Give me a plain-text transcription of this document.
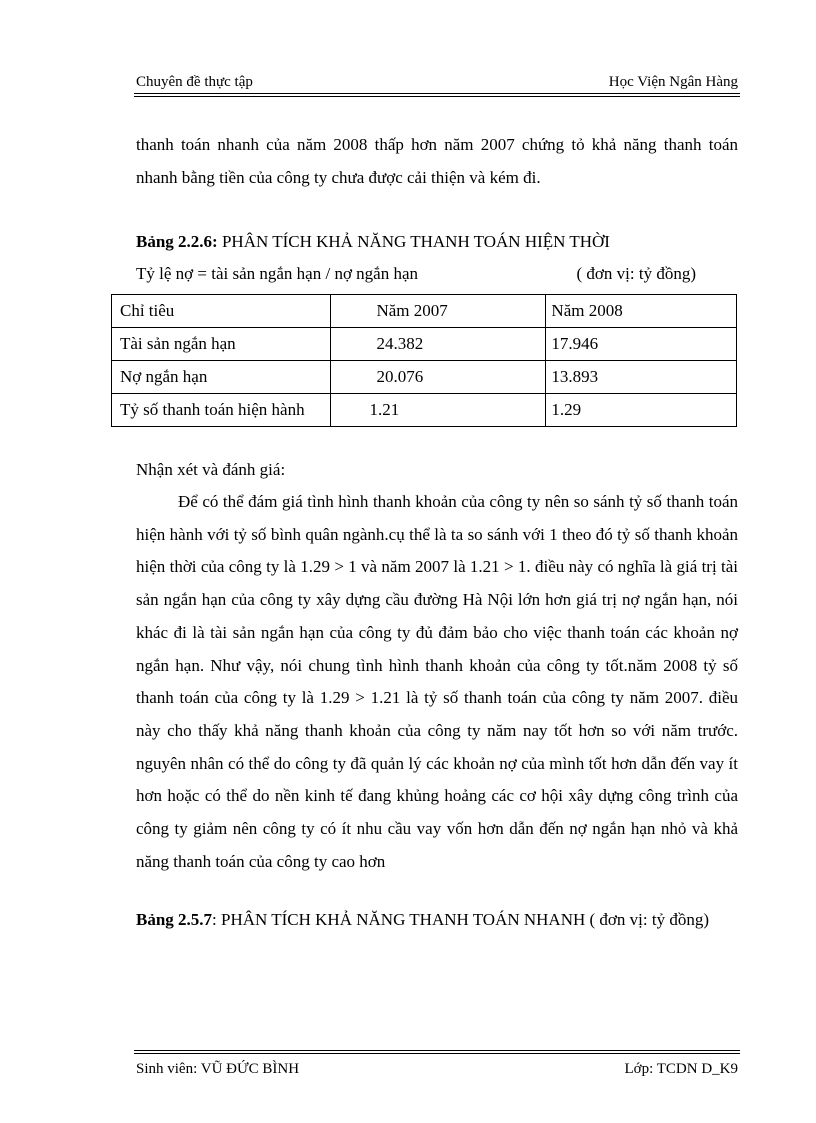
Chuyên đề thực tập	Học Viện Ngân Hàng
thanh toán nhanh của năm 2008 thấp hơn năm 2007 chứng tỏ khả năng thanh toán nhanh bằng tiền của công ty chưa được cải thiện và kém đi.
Bảng 2.2.6: PHÂN TÍCH KHẢ NĂNG THANH TOÁN HIỆN THỜI
Tỷ lệ nợ = tài sản ngắn hạn / nợ ngắn hạn	( đơn vị: tỷ đồng)
Chỉ tiêu	Năm 2007	Năm 2008
Tài sản ngắn hạn	24.382	17.946
Nợ ngắn hạn	20.076	13.893
Tỷ số thanh toán hiện hành	1.21	1.29
Nhận xét và đánh giá:
Để có thể đám giá tình hình thanh khoản của công ty nên so sánh tỷ số thanh toán hiện hành với tỷ số bình quân ngành.cụ thể là ta so sánh với 1 theo đó tỷ số thanh khoản hiện thời của công ty là 1.29 > 1 và năm 2007 là 1.21 > 1. điều này có nghĩa là giá trị tài sản ngắn hạn của công ty xây dựng cầu đường Hà Nội lớn hơn giá trị nợ ngắn hạn, nói khác đi là tài sản ngắn hạn của công ty đủ đảm bảo cho việc thanh toán các khoản nợ ngắn hạn. Như vậy, nói chung tình hình thanh khoản của công ty tốt.năm 2008 tỷ số thanh toán của công ty là 1.29 > 1.21 là tỷ số thanh toán của công ty năm 2007. điều này cho thấy khả năng thanh khoản của công ty năm nay tốt hơn so với năm trước. nguyên nhân có thể do công ty đã quản lý các khoản nợ của mình tốt hơn dẫn đến vay ít hơn hoặc có thể do nền kinh tế đang khủng hoảng các cơ hội xây dựng công trình của công ty giảm nên công ty có ít nhu cầu vay vốn hơn dẫn đến nợ ngắn hạn nhỏ và khả năng thanh toán của công ty cao hơn
Bảng 2.5.7: PHÂN TÍCH KHẢ NĂNG THANH TOÁN NHANH ( đơn vị: tỷ đồng)
Sinh viên: VŨ ĐỨC BÌNH	Lớp: TCDN D_K9
